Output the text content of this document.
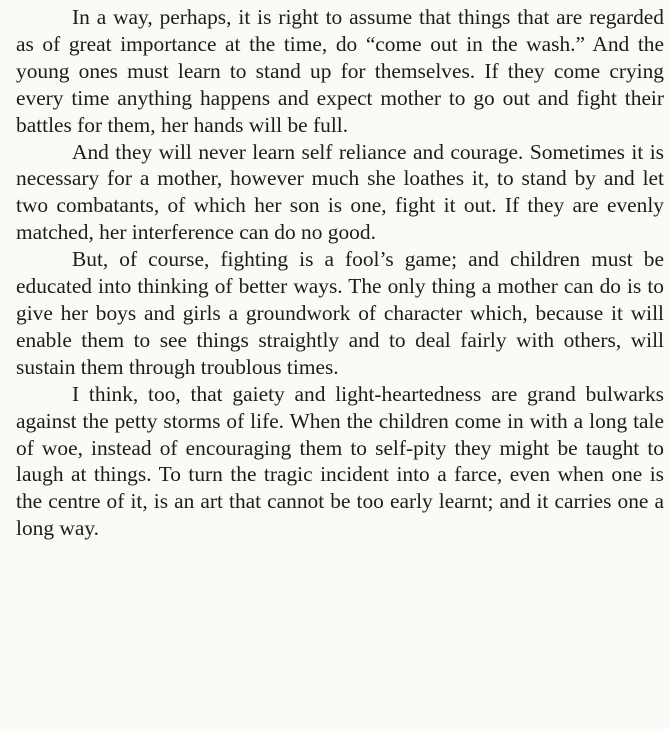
In a way, perhaps, it is right to assume that things that are regarded as of great importance at the time, do “come out in the wash.” And the young ones must learn to stand up for themselves. If they come crying every time anything happens and expect mother to go out and fight their battles for them, her hands will be full.

And they will never learn self reliance and courage. Sometimes it is necessary for a mother, however much she loathes it, to stand by and let two combatants, of which her son is one, fight it out. If they are evenly matched, her interference can do no good.

But, of course, fighting is a fool’s game; and children must be educated into thinking of better ways. The only thing a mother can do is to give her boys and girls a groundwork of character which, because it will enable them to see things straightly and to deal fairly with others, will sustain them through troublous times.

I think, too, that gaiety and light-heartedness are grand bulwarks against the petty storms of life. When the children come in with a long tale of woe, instead of encouraging them to self-pity they might be taught to laugh at things. To turn the tragic incident into a farce, even when one is the centre of it, is an art that cannot be too early learnt; and it carries one a long way.
